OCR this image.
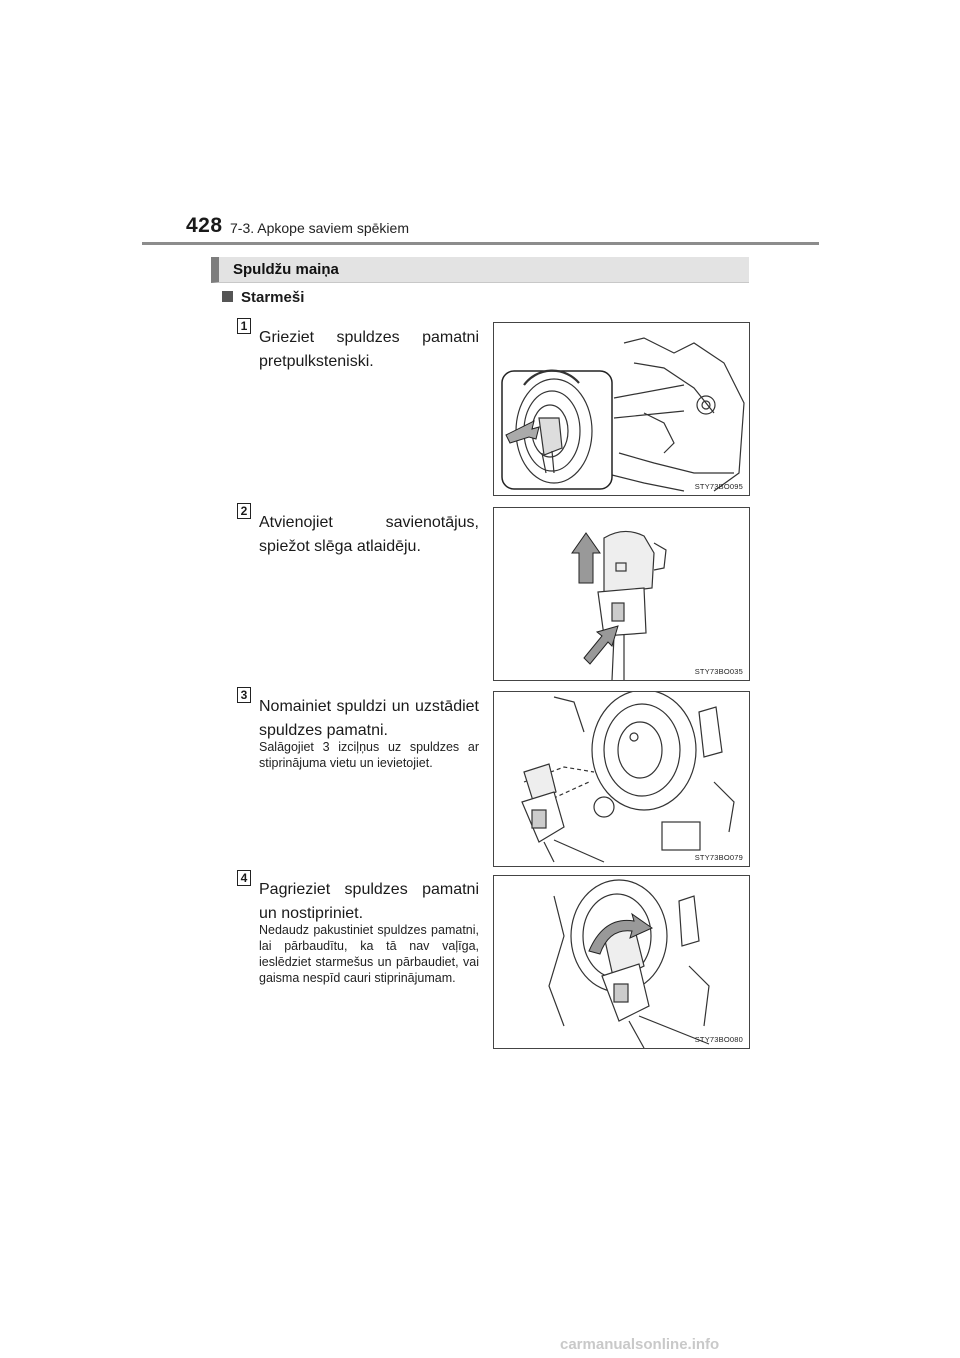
428 7-3. Apkope saviem spēkiem
Spuldžu maiņa
Starmeši
1
Grieziet spuldzes pamatni pretpulksteniski.
STY73BO095
2
Atvienojiet savienotājus, spiežot slēga atlaidēju.
STY73BO035
3
Nomainiet spuldzi un uzstādiet spuldzes pamatni.
Salāgojiet 3 izciļņus uz spuldzes ar stiprinājuma vietu un ievietojiet.
STY73BO079
4
Pagrieziet spuldzes pamatni un nostipriniet.
Nedaudz pakustiniet spuldzes pamatni, lai pārbaudītu, ka tā nav vaļīga, ieslēdziet starmešus un pārbaudiet, vai gaisma nespīd cauri stiprinājumam.
STY73BO080
carmanualsonline.info
